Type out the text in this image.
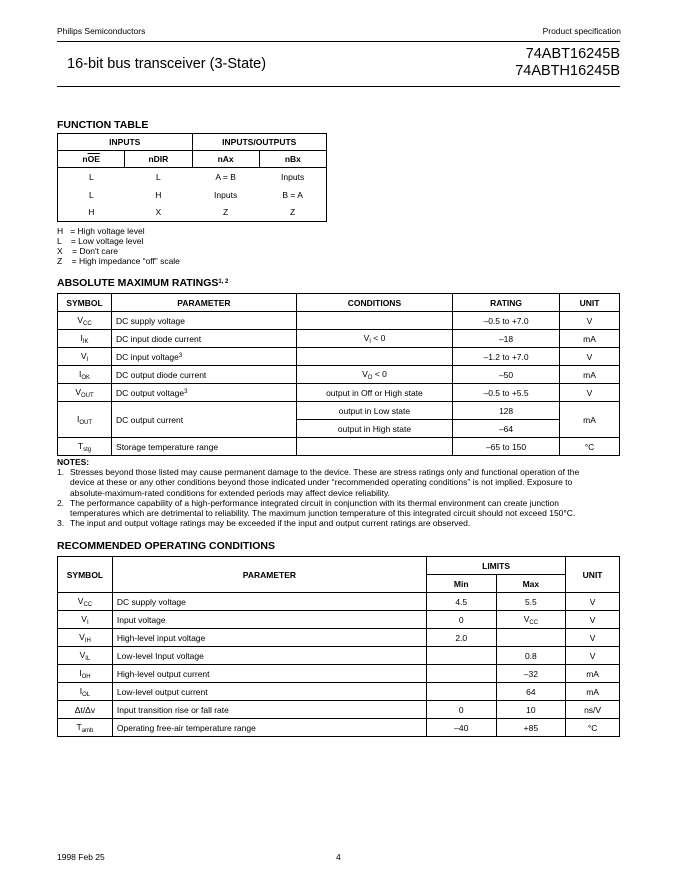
Philips Semiconductors	Product specification
16-bit bus transceiver (3-State)
74ABT16245B
74ABTH16245B
FUNCTION TABLE
INPUTS		INPUTS/OUTPUTS	
$n\overline{OE}$	nDIR	nAx	nBx
L	L	A = B	Inputs
L	H	Inputs	B = A
H	X	Z	Z

H   = High voltage level
L    = Low voltage level
X    = Don't care
Z    = High impedance “off” scale
ABSOLUTE MAXIMUM RATINGS$^{1, 2}$
SYMBOL	PARAMETER	CONDITIONS	RATING	UNIT
$V_{CC}$	DC supply voltage		–0.5 to +7.0	V
$I_{IK}$	DC input diode current	$V_I < 0$	–18	mA
$V_I$	DC input voltage$^3$		–1.2 to +7.0	V
$I_{OK}$	DC output diode current	$V_O < 0$	–50	mA
$V_{OUT}$	DC output voltage$^3$	output in Off or High state	–0.5 to +5.5	V
$I_{OUT}$	DC output current	output in Low state	128	mA
		output in High state	–64	
$T_{stg}$	Storage temperature range		–65 to 150	°C
NOTES:
1. Stresses beyond those listed may cause permanent damage to the device. These are stress ratings only and functional operation of the
device at these or any other conditions beyond those indicated under “recommended operating conditions” is not implied. Exposure to
absolute-maximum-rated conditions for extended periods may affect device reliability.
2. The performance capability of a high-performance integrated circuit in conjunction with its thermal environment can create junction
temperatures which are detrimental to reliability. The maximum junction temperature of this integrated circuit should not exceed 150°C.
3. The input and output voltage ratings may be exceeded if the input and output current ratings are observed.
RECOMMENDED OPERATING CONDITIONS
SYMBOL	PARAMETER	LIMITS		UNIT
		Min	Max	
$V_{CC}$	DC supply voltage	4.5	5.5	V
$V_I$	Input voltage	0	$V_{CC}$	V
$V_{IH}$	High-level input voltage	2.0		V
$V_{IL}$	Low-level Input voltage		0.8	V
$I_{OH}$	High-level output current		–32	mA
$I_{OL}$	Low-level output current		64	mA
Δt/Δv	Input transition rise or fall rate	0	10	ns/V
$T_{amb}$	Operating free-air temperature range	–40	+85	°C
1998 Feb 25	4
